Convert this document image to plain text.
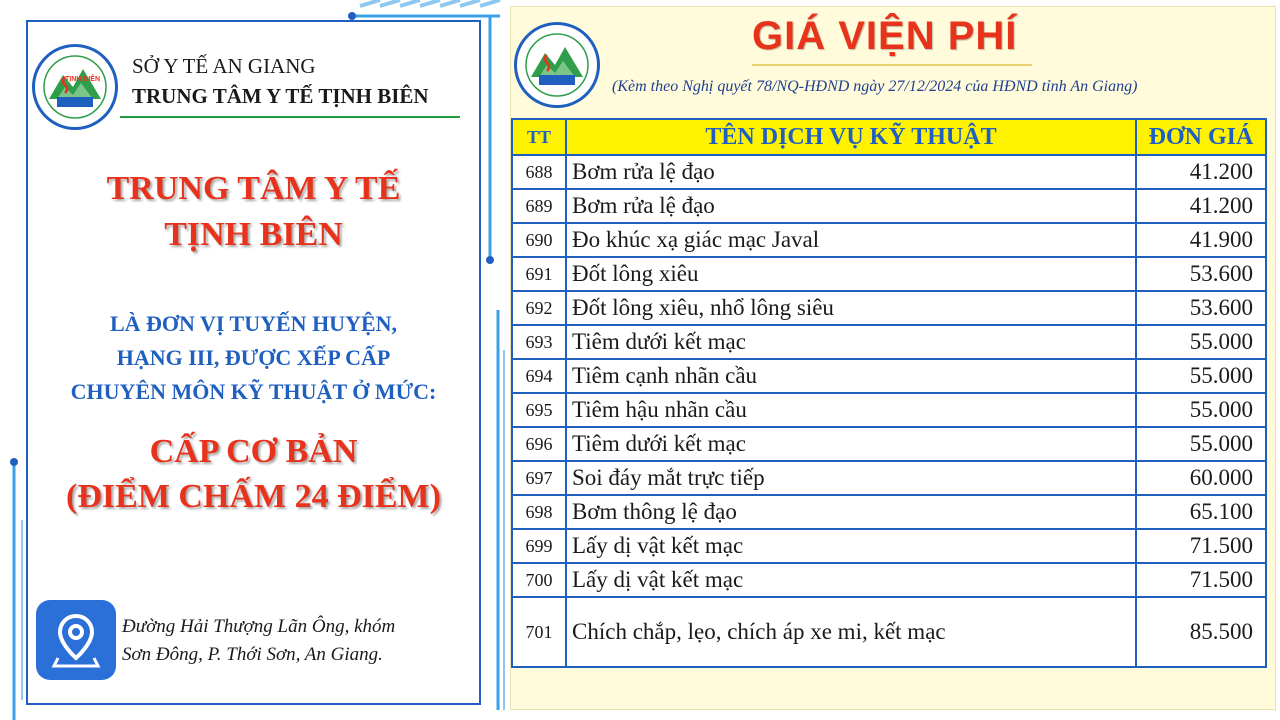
TỊNH BIÊN
SỞ Y TẾ AN GIANG
TRUNG TÂM Y TẾ TỊNH BIÊN
TRUNG TÂM Y TẾ
TỊNH BIÊN
LÀ ĐƠN VỊ TUYẾN HUYỆN,
HẠNG III, ĐƯỢC XẾP CẤP
CHUYÊN MÔN KỸ THUẬT Ở MỨC:
CẤP CƠ BẢN
(ĐIỂM CHẤM 24 ĐIỂM)
Đường Hải Thượng Lãn Ông, khóm
Sơn Đông, P. Thới Sơn, An Giang.
GIÁ VIỆN PHÍ
(Kèm theo Nghị quyết 78/NQ-HĐND ngày 27/12/2024 của HĐND tỉnh An Giang)
TT	TÊN DỊCH VỤ KỸ THUẬT	ĐƠN GIÁ
688	Bơm rửa lệ đạo	41.200
689	Bơm rửa lệ đạo	41.200
690	Đo khúc xạ giác mạc Javal	41.900
691	Đốt lông xiêu	53.600
692	Đốt lông xiêu, nhổ lông siêu	53.600
693	Tiêm dưới kết mạc	55.000
694	Tiêm cạnh nhãn cầu	55.000
695	Tiêm hậu nhãn cầu	55.000
696	Tiêm dưới kết mạc	55.000
697	Soi đáy mắt trực tiếp	60.000
698	Bơm thông lệ đạo	65.100
699	Lấy dị vật kết mạc	71.500
700	Lấy dị vật kết mạc	71.500
701	Chích chắp, lẹo, chích áp xe mi, kết mạc	85.500
